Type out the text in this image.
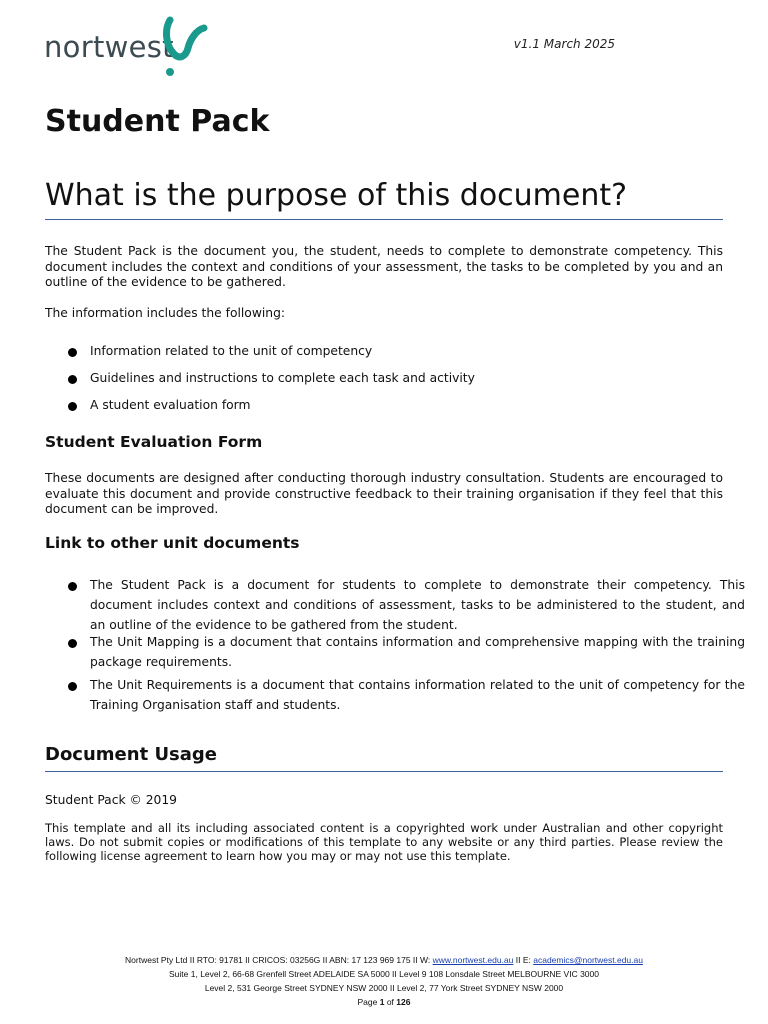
nortwest	v1.1 March 2025
Student Pack
What is the purpose of this document?

The Student Pack is the document you, the student, needs to complete to demonstrate competency. This document includes the context and conditions of your assessment, the tasks to be completed by you and an outline of the evidence to be gathered.

The information includes the following:

Information related to the unit of competency
Guidelines and instructions to complete each task and activity
A student evaluation form
Student Evaluation Form

These documents are designed after conducting thorough industry consultation. Students are encouraged to evaluate this document and provide constructive feedback to their training organisation if they feel that this document can be improved.

Link to other unit documents
The Student Pack is a document for students to complete to demonstrate their competency. This document includes context and conditions of assessment, tasks to be administered to the student, and an outline of the evidence to be gathered from the student.
The Unit Mapping is a document that contains information and comprehensive mapping with the training package requirements.
The Unit Requirements is a document that contains information related to the unit of competency for the Training Organisation staff and students.
Document Usage

Student Pack © 2019

This template and all its including associated content is a copyrighted work under Australian and other copyright laws. Do not submit copies or modifications of this template to any website or any third parties. Please review the following license agreement to learn how you may or may not use this template.

Nortwest Pty Ltd II RTO: 91781 II CRICOS: 03256G II ABN: 17 123 969 175 II W: www.nortwest.edu.au II E: academics@nortwest.edu.au
Suite 1, Level 2, 66-68 Grenfell Street ADELAIDE SA 5000 II Level 9 108 Lonsdale Street MELBOURNE VIC 3000
Level 2, 531 George Street SYDNEY NSW 2000 II Level 2, 77 York Street SYDNEY NSW 2000
Page 1 of 126
